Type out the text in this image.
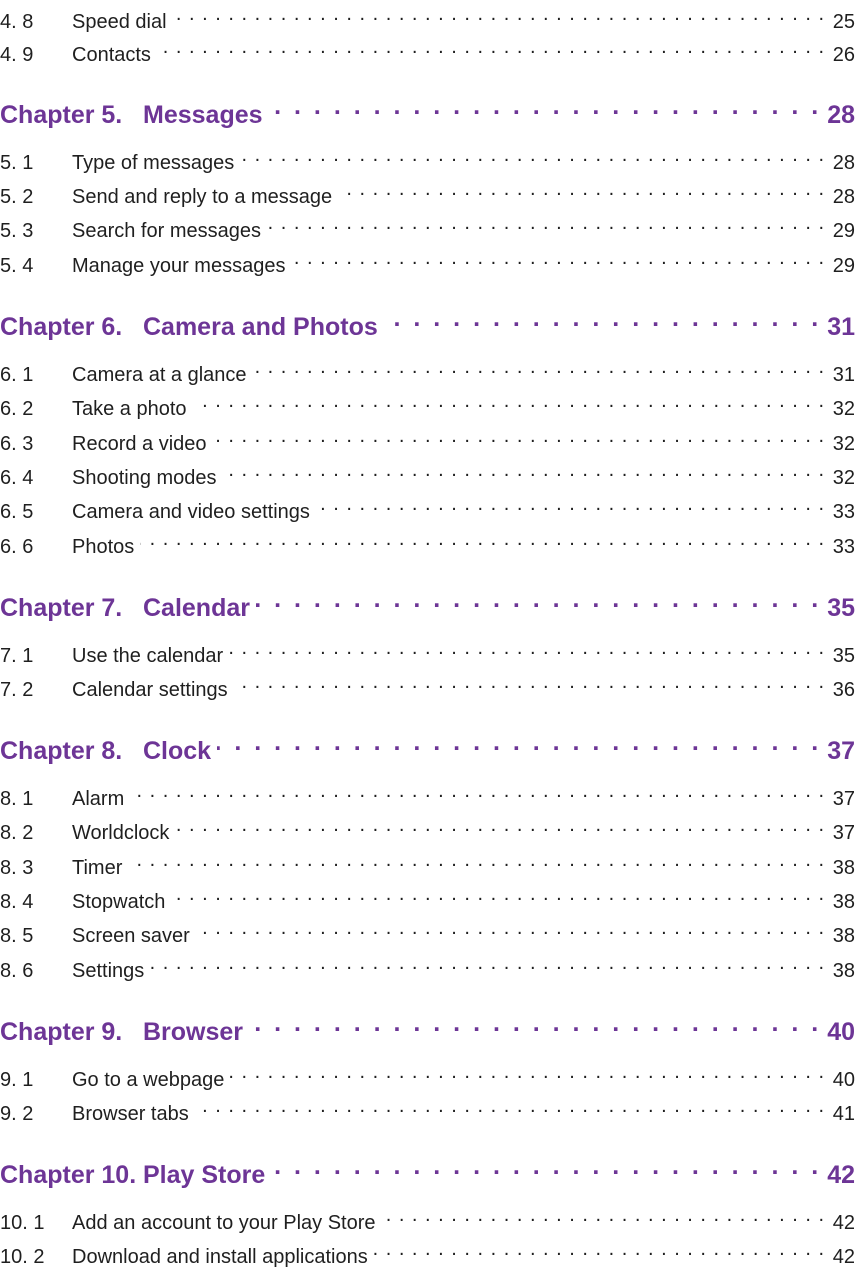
4. 8	Speed dial . . .	25
4. 9	Contacts . . .	26
Chapter 5. Messages . . .	28
5. 1	Type of messages . . .	28
5. 2	Send and reply to a message . . .	28
5. 3	Search for messages . . .	29
5. 4	Manage your messages . . .	29
Chapter 6. Camera and Photos . . .	31
6. 1	Camera at a glance . . .	31
6. 2	Take a photo . . .	32
6. 3	Record a video . . .	32
6. 4	Shooting modes . . .	32
6. 5	Camera and video settings . . .	33
6. 6	Photos . . .	33
Chapter 7. Calendar . . .	35
7. 1	Use the calendar . . .	35
7. 2	Calendar settings . . .	36
Chapter 8. Clock . . .	37
8. 1	Alarm . . .	37
8. 2	Worldclock . . .	37
8. 3	Timer . . .	38
8. 4	Stopwatch . . .	38
8. 5	Screen saver . . .	38
8. 6	Settings . . .	38
Chapter 9. Browser . . .	40
9. 1	Go to a webpage . . .	40
9. 2	Browser tabs . . .	41
Chapter 10. Play Store . . .	42
10. 1	Add an account to your Play Store . . .	42
10. 2	Download and install applications . . .	42
